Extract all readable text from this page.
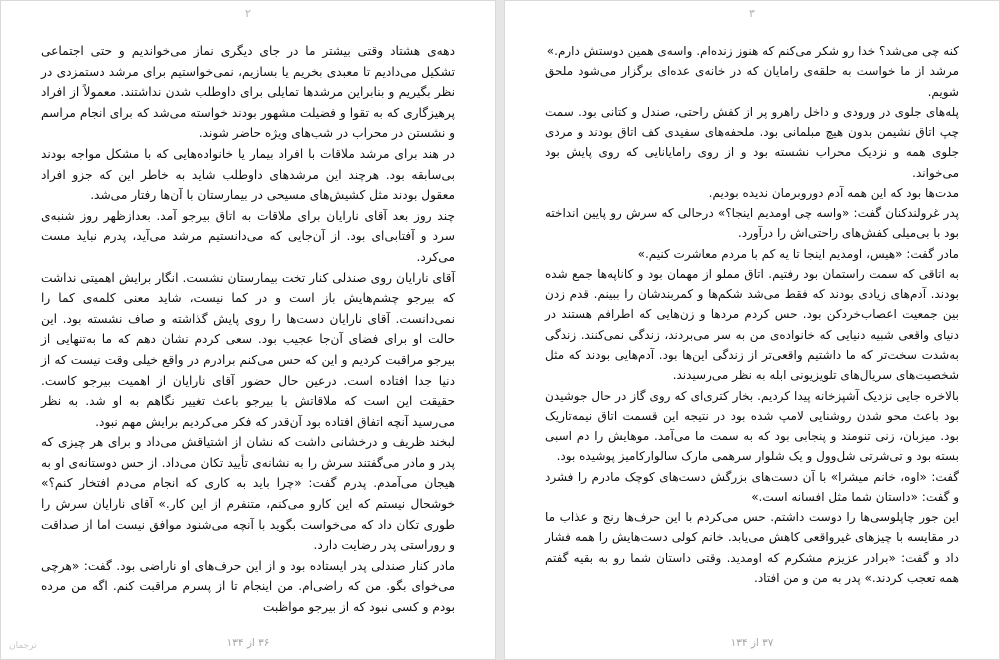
۲

دهه‌ی هشتاد وقتی بیشتر ما در جای دیگری نماز می‌خواندیم و حتی اجتماعی تشکیل می‌دادیم تا معبدی بخریم یا بسازیم، نمی‌خواستیم برای مرشد دستمزدی در نظر بگیریم و بنابراین مرشدها تمایلی برای داوطلب شدن نداشتند. معمولاً از افراد پرهیزگاری که به تقوا و فضیلت مشهور بودند خواسته می‌شد که برای انجام مراسم و نشستن در محراب در شب‌های ویژه حاضر شوند.

در هند برای مرشد ملاقات با افراد بیمار یا خانواده‌هایی که با مشکل مواجه بودند بی‌سابقه بود. هرچند این مرشدهای داوطلب شاید به خاطر این که جزو افراد معقول بودند مثل کشیش‌های مسیحی در بیمارستان با آن‌ها رفتار می‌شد.

چند روز بعد آقای نارایان برای ملاقات به اتاق بیرجو آمد. بعدازظهر روز شنبه‌ی سرد و آفتابی‌ای بود. از آن‌جایی که می‌دانستیم مرشد می‌آید، پدرم نباید مست می‌کرد.

آقای نارایان روی صندلی کنار تخت بیمارستان نشست. انگار برایش اهمیتی نداشت که بیرجو چشم‌هایش باز است و در کما نیست، شاید معنی کلمه‌ی کما را نمی‌دانست. آقای نارایان دست‌ها را روی پایش گذاشته و صاف نشسته بود. این حالت او برای فضای آن‌جا عجیب بود. سعی کردم نشان دهم که ما به‌تنهایی از بیرجو مراقبت کردیم و این که حس می‌کنم برادرم در واقع خیلی وقت نیست که از دنیا جدا افتاده است. درعین حال حضور آقای نارایان از اهمیت بیرجو کاست. حقیقت این است که ملاقاتش با بیرجو باعث تغییر نگاهم به او شد. به نظر می‌رسید آنچه اتفاق افتاده بود آن‌قدر که فکر می‌کردیم برایش مهم نبود.

لبخند ظریف و درخشانی داشت که نشان از اشتیاقش می‌داد و برای هر چیزی که پدر و مادر می‌گفتند سرش را به نشانه‌ی تأیید تکان می‌داد. از حس دوستانه‌ی او به هیجان می‌آمدم. پدرم گفت: «چرا باید به کاری که انجام می‌دم افتخار کنم؟» خوشحال نیستم که این کارو می‌کنم، متنفرم از این کار.» آقای نارایان سرش را طوری تکان داد که می‌خواست بگوید با آنچه می‌شنود موافق نیست اما از صداقت و روراستی پدر رضایت دارد.

مادر کنار صندلی پدر ایستاده بود و از این حرف‌های او ناراضی بود. گفت: «هرچی می‌خوای بگو. من که راضی‌ام. من اینجام تا از پسرم مراقبت کنم. اگه من مرده بودم و کسی نبود که از بیرجو مواظبت

۳۶ از ۱۳۴
ترجمان
۳

کنه چی می‌شد؟ خدا رو شکر می‌کنم که هنوز زنده‌ام. واسه‌ی همین دوستش دارم.»

مرشد از ما خواست به حلقه‌ی رامایان که در خانه‌ی عده‌ای برگزار می‌شود ملحق شویم.

پله‌های جلوی در ورودی و داخل راهرو پر از کفش راحتی، صندل و کتانی بود. سمت چپ اتاق نشیمن بدون هیچ مبلمانی بود. ملحفه‌های سفیدی کف اتاق بودند و مردی جلوی همه و نزدیک محراب نشسته بود و از روی رامایانایی که روی پایش بود می‌خواند.

مدت‌ها بود که این همه آدم دوروبرمان ندیده بودیم.

پدر غرولندکنان گفت: «واسه چی اومدیم اینجا؟» درحالی که سرش رو پایین انداخته بود با بی‌میلی کفش‌های راحتی‌اش را درآورد.

مادر گفت: «هیس، اومدیم اینجا تا یه کم با مردم معاشرت کنیم.»

به اتاقی که سمت راستمان بود رفتیم. اتاق مملو از مهمان بود و کاناپه‌ها جمع شده بودند. آدم‌های زیادی بودند که فقط می‌شد شکم‌ها و کمربندشان را ببینم. قدم زدن بین جمعیت اعصاب‌خردکن بود. حس کردم مردها و زن‌هایی که اطرافم هستند در دنیای واقعی شبیه دنیایی که خانواده‌ی من به سر می‌بردند، زندگی نمی‌کنند. زندگی به‌شدت سخت‌تر که ما داشتیم واقعی‌تر از زندگی این‌ها بود. آدم‌هایی بودند که مثل شخصیت‌های سریال‌های تلویزیونی ابله به نظر می‌رسیدند.

بالاخره جایی نزدیک آشپزخانه پیدا کردیم. بخار کتری‌ای که روی گاز در حال جوشیدن بود باعث محو شدن روشنایی لامپ شده بود در نتیجه این قسمت اتاق نیمه‌تاریک بود. میزبان، زنی تنومند و پنجابی بود که به سمت ما می‌آمد. موهایش را دم اسبی بسته بود و تی‌شرتی شل‌وول و یک شلوار سرهمی مارک سالوار‌کامیز پوشیده بود.

گفت: «اوه، خانم میشرا» با آن دست‌های بزرگش دست‌های کوچک مادرم را فشرد و گفت: «داستان شما مثل افسانه است.»

این جور چاپلوسی‌ها را دوست داشتم. حس می‌کردم با این حرف‌ها رنج و عذاب ما در مقایسه با چیزهای غیرواقعی کاهش می‌یابد. خانم کولی دست‌هایش را همه فشار داد و گفت: «برادر عزیزم مشکرم که اومدید. وقتی داستان شما رو به بقیه گفتم همه تعجب کردند.» پدر به من و من افتاد.

۳۷ از ۱۳۴
